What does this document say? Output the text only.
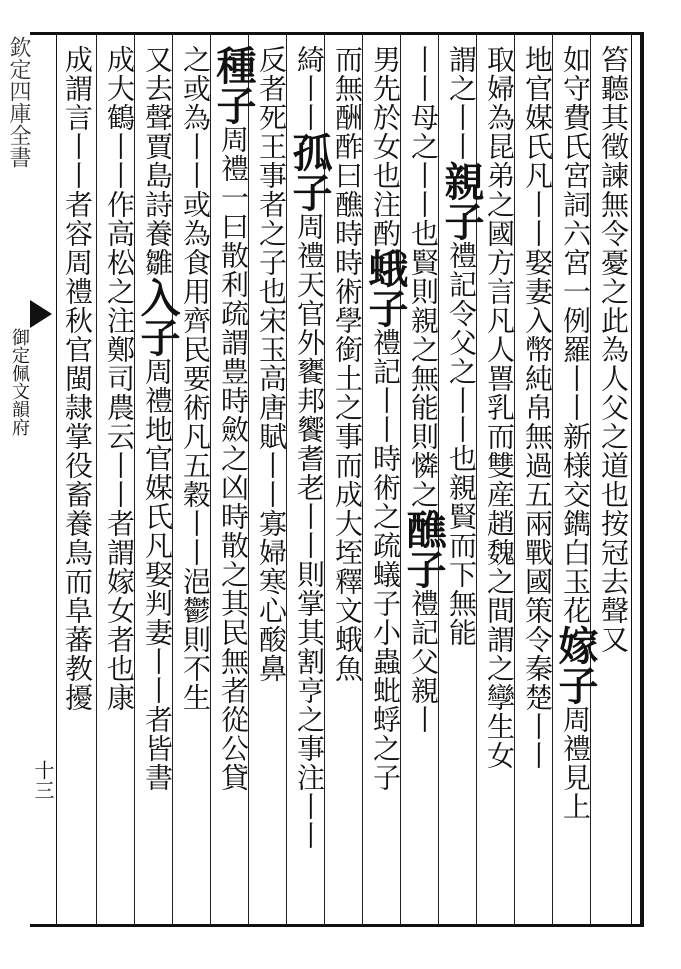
笞聽其徵諫無令憂之此為人父之道也按冠去聲又
如守費氏宮詞六宮一例羅丨丨新様交鐫白玉花嫁子周禮見上
地官媒氏凡丨丨娶妻入幣純帛無過五兩戰國策令秦楚丨丨
取婦為昆弟之國方言凡人嘼乳而雙産趙魏之間謂之孿生女
謂之丨丨親子禮記令父之丨丨也親賢而下無能
丨丨母之丨丨也賢則親之無能則憐之醮子禮記父親丨
男先於女也注酌蛾子禮記丨丨時術之疏蟻子小蟲蚍蜉之子
而無酬酢曰醮時時術學銜土之事而成大垤釋文蛾魚
綺丨丨孤子周禮天官外饔邦饗耆老丨丨則掌其割亨之事注丨丨
反者死王事者之子也宋玉高唐賦丨丨寡婦寒心酸鼻
種子周禮一曰散利疏謂豊時斂之凶時散之其民無者從公貸
之或為丨丨或為食用齊民要術凡五穀丨丨浥鬱則不生
又去聲賈島詩養雛入子周禮地官媒氏凡娶判妻丨丨者皆書
成大鶴丨丨作高松之注鄭司農云丨丨者謂嫁女者也康
成謂言丨丨者容周禮秋官閩隷掌役畜養鳥而阜蕃教擾
欽定四庫全書
御定佩文韻府
十三
